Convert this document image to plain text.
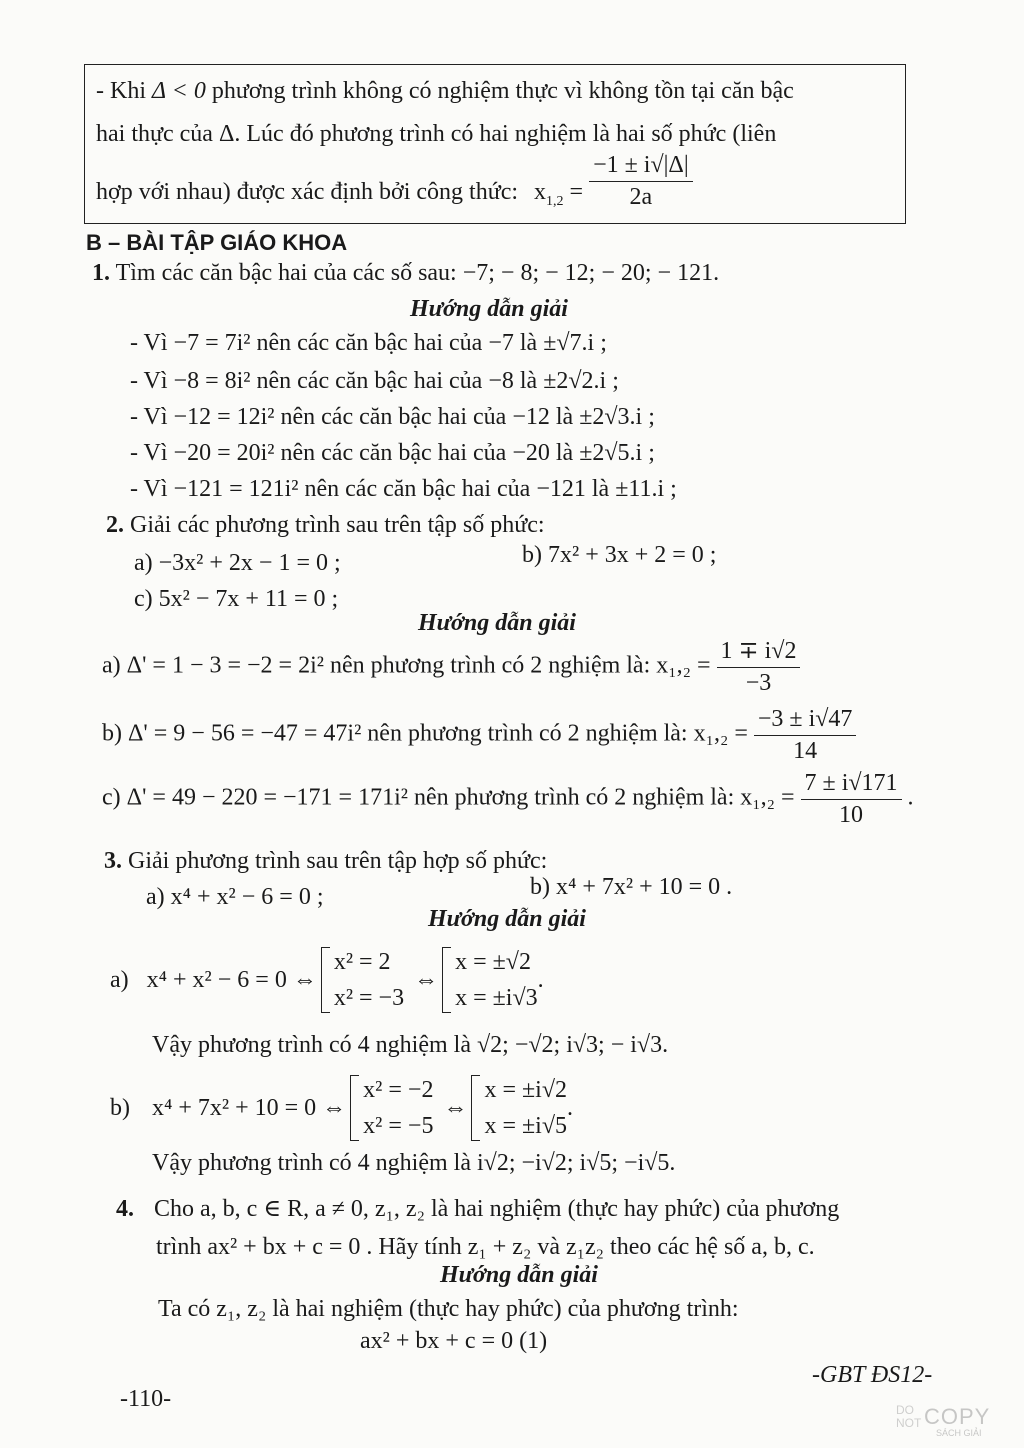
- Khi Δ < 0 phương trình không có nghiệm thực vì không tồn tại căn bậc
hai thực của Δ. Lúc đó phương trình có hai nghiệm là hai số phức (liên
hợp với nhau) được xác định bởi công thức: $x_{1,2} = \frac{-1 \pm i√|\Delta|}{2a}$
B – BÀI TẬP GIÁO KHOA
1. Tìm các căn bậc hai của các số sau: −7; − 8; − 12; − 20; − 121.
Hướng dẫn giải
- Vì −7 = 7i² nên các căn bậc hai của −7 là ±√7.i ;
- Vì −8 = 8i² nên các căn bậc hai của −8 là ±2√2.i ;
- Vì −12 = 12i² nên các căn bậc hai của −12 là ±2√3.i ;
- Vì −20 = 20i² nên các căn bậc hai của −20 là ±2√5.i ;
- Vì −121 = 121i² nên các căn bậc hai của −121 là ±11.i ;
2. Giải các phương trình sau trên tập số phức:
a) −3x² + 2x − 1 = 0 ;	b) 7x² + 3x + 2 = 0 ;
c) 5x² − 7x + 11 = 0 ;
Hướng dẫn giải
a) Δ' = 1 − 3 = −2 = 2i² nên phương trình có 2 nghiệm là: $x_1,_2 = \frac{1 \mp i√2}{-3}$
b) Δ' = 9 − 56 = −47 = 47i² nên phương trình có 2 nghiệm là: $x_1,_2 = \frac{-3 \pm i√47}{14}$
c) Δ' = 49 − 220 = −171 = 171i² nên phương trình có 2 nghiệm là: $x_1,_2 = \frac{7 \pm i√171}{10}$ .
3. Giải phương trình sau trên tập hợp số phức:
a) x⁴ + x² − 6 = 0 ;	b) x⁴ + 7x² + 10 = 0 .
Hướng dẫn giải
a) x⁴ + x² − 6 = 0 ⇔
x² = 2
x² = −3
⇔
x = ±√2
x = ±i√3
.
Vậy phương trình có 4 nghiệm là √2; −√2; i√3; − i√3.
b) x⁴ + 7x² + 10 = 0 ⇔
x² = −2
x² = −5
⇔
x = ±i√2
x = ±i√5
.
Vậy phương trình có 4 nghiệm là i√2; −i√2; i√5; −i√5.
4. Cho a, b, c ∈ R, a ≠ 0, z₁, z₂ là hai nghiệm (thực hay phức) của phương
trình ax² + bx + c = 0 . Hãy tính z₁ + z₂ và z₁z₂ theo các hệ số a, b, c.
Hướng dẫn giải
Ta có z₁, z₂ là hai nghiệm (thực hay phức) của phương trình:
ax² + bx + c = 0 (1)
-GBT ĐS12-
-110-	DO NOT COPY
SÁCH GIẢI
